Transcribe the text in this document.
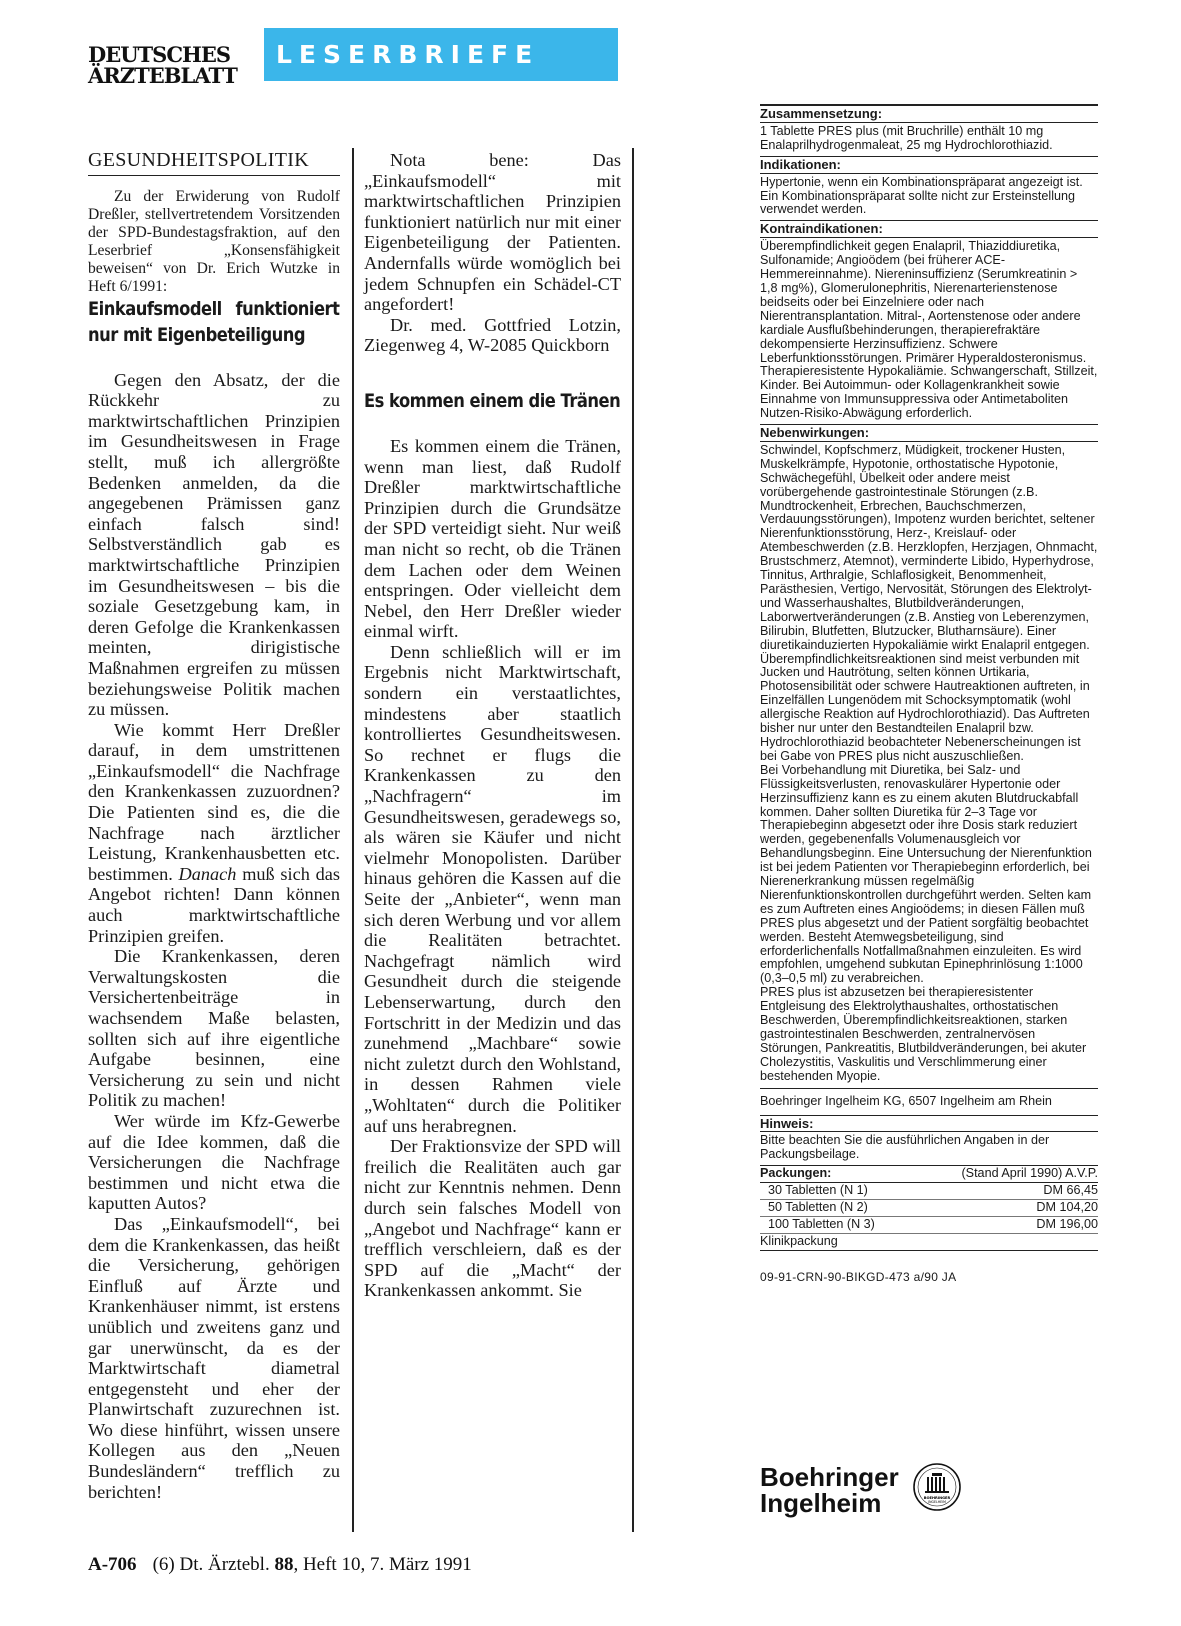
DEUTSCHES
ÄRZTEBLATT
LESERBRIEFE
GESUNDHEITSPOLITIK

Zu der Erwiderung von Rudolf Dreßler, stellvertretendem Vorsitzenden der SPD-Bundestagsfraktion, auf den Leserbrief „Konsensfähigkeit beweisen“ von Dr. Erich Wutzke in Heft 6/1991:

Einkaufsmodell funktioniert nur mit Eigenbeteiligung

Gegen den Absatz, der die Rückkehr zu marktwirtschaftlichen Prinzipien im Gesundheitswesen in Frage stellt, muß ich allergrößte Bedenken anmelden, da die angegebenen Prämissen ganz einfach falsch sind! Selbstverständlich gab es marktwirtschaftliche Prinzipien im Gesundheitswesen – bis die soziale Gesetzgebung kam, in deren Gefolge die Krankenkassen meinten, dirigistische Maßnahmen ergreifen zu müssen beziehungsweise Politik machen zu müssen.

Wie kommt Herr Dreßler darauf, in dem umstrittenen „Einkaufsmodell“ die Nachfrage den Krankenkassen zuzuordnen? Die Patienten sind es, die die Nachfrage nach ärztlicher Leistung, Krankenhausbetten etc. bestimmen. Danach muß sich das Angebot richten! Dann können auch marktwirtschaftliche Prinzipien greifen.

Die Krankenkassen, deren Verwaltungskosten die Versichertenbeiträge in wachsendem Maße belasten, sollten sich auf ihre eigentliche Aufgabe besinnen, eine Versicherung zu sein und nicht Politik zu machen!

Wer würde im Kfz-Gewerbe auf die Idee kommen, daß die Versicherungen die Nachfrage bestimmen und nicht etwa die kaputten Autos?

Das „Einkaufsmodell“, bei dem die Krankenkassen, das heißt die Versicherung, gehörigen Einfluß auf Ärzte und Krankenhäuser nimmt, ist erstens unüblich und zweitens ganz und gar unerwünscht, da es der Marktwirtschaft diametral entgegensteht und eher der Planwirtschaft zuzurechnen ist. Wo diese hinführt, wissen unsere Kollegen aus den „Neuen Bundesländern“ trefflich zu berichten!

Nota bene: Das „Einkaufsmodell“ mit marktwirtschaftlichen Prinzipien funktioniert natürlich nur mit einer Eigenbeteiligung der Patienten. Andernfalls würde womöglich bei jedem Schnupfen ein Schädel-CT angefordert!

Dr. med. Gottfried Lotzin, Ziegenweg 4, W-2085 Quickborn

Es kommen einem die Tränen

Es kommen einem die Tränen, wenn man liest, daß Rudolf Dreßler marktwirtschaftliche Prinzipien durch die Grundsätze der SPD verteidigt sieht. Nur weiß man nicht so recht, ob die Tränen dem Lachen oder dem Weinen entspringen. Oder vielleicht dem Nebel, den Herr Dreßler wieder einmal wirft.

Denn schließlich will er im Ergebnis nicht Marktwirtschaft, sondern ein verstaatlichtes, mindestens aber staatlich kontrolliertes Gesundheitswesen. So rechnet er flugs die Krankenkassen zu den „Nachfragern“ im Gesundheitswesen, geradewegs so, als wären sie Käufer und nicht vielmehr Monopolisten. Darüber hinaus gehören die Kassen auf die Seite der „Anbieter“, wenn man sich deren Werbung und vor allem die Realitäten betrachtet. Nachgefragt nämlich wird Gesundheit durch die steigende Lebenserwartung, durch den Fortschritt in der Medizin und das zunehmend „Machbare“ sowie nicht zuletzt durch den Wohlstand, in dessen Rahmen viele „Wohltaten“ durch die Politiker auf uns herabregnen.

Der Fraktionsvize der SPD will freilich die Realitäten auch gar nicht zur Kenntnis nehmen. Denn durch sein falsches Modell von „Angebot und Nachfrage“ kann er trefflich verschleiern, daß es der SPD auf die „Macht“ der Krankenkassen ankommt. Sie

Zusammensetzung:
1 Tablette PRES plus (mit Bruchrille) enthält 10 mg Enalaprilhydrogenmaleat, 25 mg Hydrochlorothiazid.
Indikationen:
Hypertonie, wenn ein Kombinationspräparat angezeigt ist. Ein Kombinationspräparat sollte nicht zur Ersteinstellung verwendet werden.
Kontraindikationen:
Überempfindlichkeit gegen Enalapril, Thiaziddiuretika, Sulfonamide; Angioödem (bei früherer ACE-Hemmereinnahme). Niereninsuffizienz (Serumkreatinin > 1,8 mg%), Glomerulonephritis, Nierenarterienstenose beidseits oder bei Einzelniere oder nach Nierentransplantation. Mitral-, Aortenstenose oder andere kardiale Ausflußbehinderungen, therapierefraktäre dekompensierte Herzinsuffizienz. Schwere Leberfunktionsstörungen. Primärer Hyperaldosteronismus. Therapieresistente Hypokaliämie. Schwangerschaft, Stillzeit, Kinder. Bei Autoimmun- oder Kollagenkrankheit sowie Einnahme von Immunsuppressiva oder Antimetaboliten Nutzen-Risiko-Abwägung erforderlich.
Nebenwirkungen:

Schwindel, Kopfschmerz, Müdigkeit, trockener Husten, Muskelkrämpfe, Hypotonie, orthostatische Hypotonie, Schwächegefühl, Übelkeit oder andere meist vorübergehende gastrointestinale Störungen (z.B. Mundtrockenheit, Erbrechen, Bauchschmerzen, Verdauungsstörungen), Impotenz wurden berichtet, seltener Nierenfunktionsstörung, Herz-, Kreislauf- oder Atembeschwerden (z.B. Herzklopfen, Herzjagen, Ohnmacht, Brustschmerz, Atemnot), verminderte Libido, Hyperhydrose, Tinnitus, Arthralgie, Schlaflosigkeit, Benommenheit, Parästhesien, Vertigo, Nervosität, Störungen des Elektrolyt- und Wasserhaushaltes, Blutbildveränderungen, Laborwertveränderungen (z.B. Anstieg von Leberenzymen, Bilirubin, Blutfetten, Blutzucker, Blutharnsäure). Einer diuretikainduzierten Hypokaliämie wirkt Enalapril entgegen. Überempfindlichkeitsreaktionen sind meist verbunden mit Jucken und Hautrötung, selten können Urtikaria, Photosensibilität oder schwere Hautreaktionen auftreten, in Einzelfällen Lungenödem mit Schocksymptomatik (wohl allergische Reaktion auf Hydrochlorothiazid). Das Auftreten bisher nur unter den Bestandteilen Enalapril bzw. Hydrochlorothiazid beobachteter Nebenerscheinungen ist bei Gabe von PRES plus nicht auszuschließen.

Bei Vorbehandlung mit Diuretika, bei Salz- und Flüssigkeitsverlusten, renovaskulärer Hypertonie oder Herzinsuffizienz kann es zu einem akuten Blutdruckabfall kommen. Daher sollten Diuretika für 2–3 Tage vor Therapiebeginn abgesetzt oder ihre Dosis stark reduziert werden, gegebenenfalls Volumenausgleich vor Behandlungsbeginn. Eine Untersuchung der Nierenfunktion ist bei jedem Patienten vor Therapiebeginn erforderlich, bei Nierenerkrankung müssen regelmäßig Nierenfunktionskontrollen durchgeführt werden. Selten kam es zum Auftreten eines Angioödems; in diesen Fällen muß PRES plus abgesetzt und der Patient sorgfältig beobachtet werden. Besteht Atemwegsbeteiligung, sind erforderlichenfalls Notfallmaßnahmen einzuleiten. Es wird empfohlen, umgehend subkutan Epinephrinlösung 1:1000 (0,3–0,5 ml) zu verabreichen.

PRES plus ist abzusetzen bei therapieresistenter Entgleisung des Elektrolythaushaltes, orthostatischen Beschwerden, Überempfindlichkeitsreaktionen, starken gastrointestinalen Beschwerden, zentralnervösen Störungen, Pankreatitis, Blutbildveränderungen, bei akuter Cholezystitis, Vaskulitis und Verschlimmerung einer bestehenden Myopie.

Boehringer Ingelheim KG, 6507 Ingelheim am Rhein
Hinweis:
Bitte beachten Sie die ausführlichen Angaben in der Packungsbeilage.
Packungen:	(Stand April 1990) A.V.P.
30 Tabletten (N 1)	DM 66,45
50 Tabletten (N 2)	DM 104,20
100 Tabletten (N 3)	DM 196,00
Klinikpackung
09-91-CRN-90-BIKGD-473 a/90 JA
Boehringer
Ingelheim	BOEHRINGER
INGELHEIM
A-706 (6) Dt. Ärztebl. 88, Heft 10, 7. März 1991
